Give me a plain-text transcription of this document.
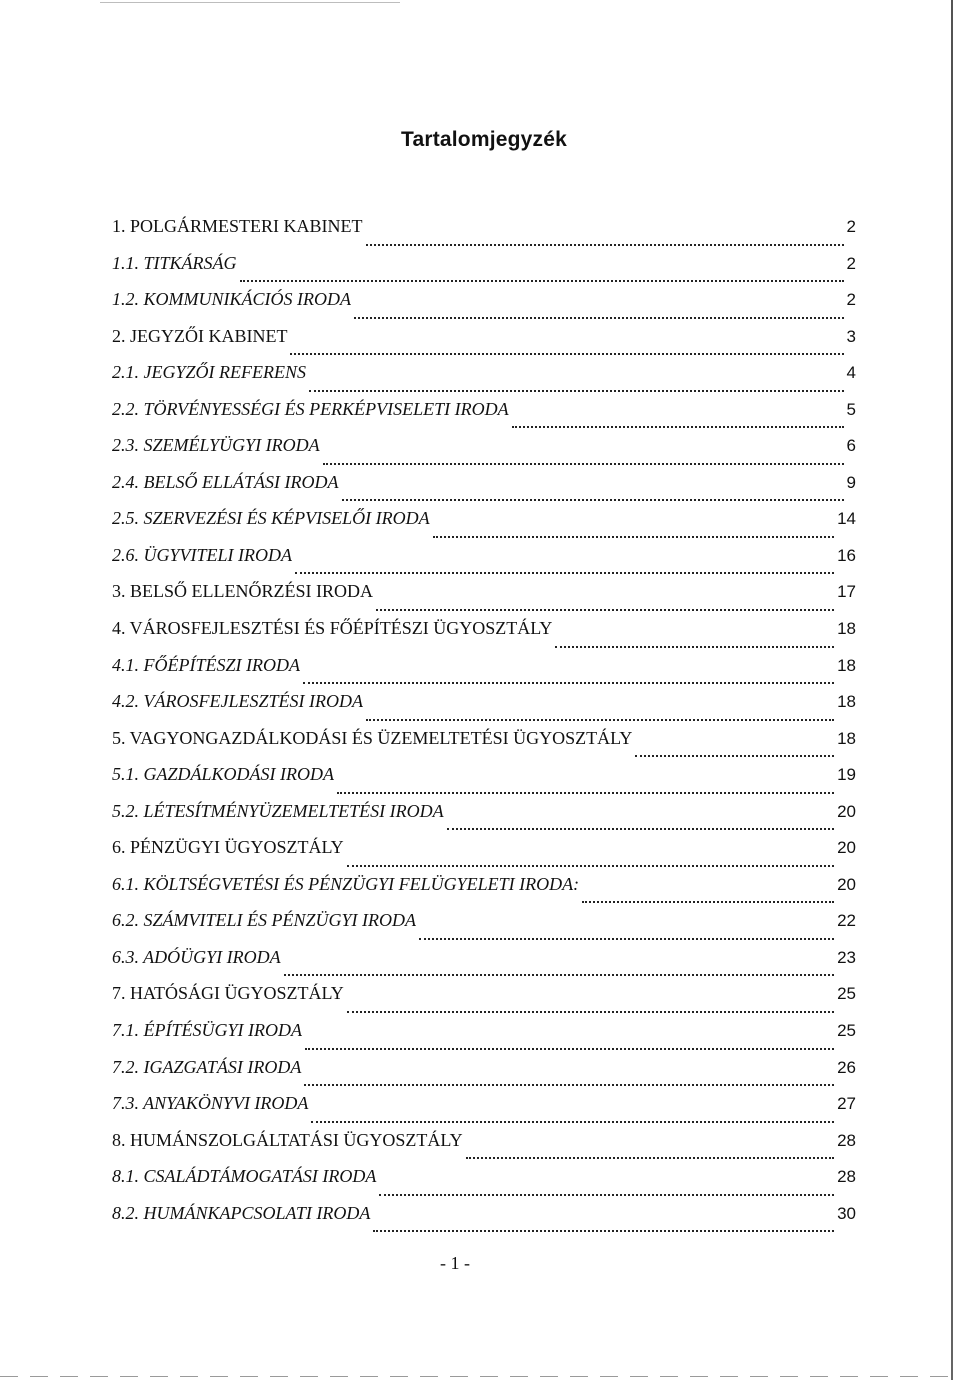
Tartalomjegyzék
1. POLGÁRMESTERI KABINET	2
1.1. TITKÁRSÁG	2
1.2. KOMMUNIKÁCIÓS IRODA	2
2. JEGYZŐI KABINET	3
2.1. JEGYZŐI REFERENS	4
2.2. TÖRVÉNYESSÉGI ÉS PERKÉPVISELETI IRODA	5
2.3. SZEMÉLYÜGYI IRODA	6
2.4. BELSŐ ELLÁTÁSI IRODA	9
2.5. SZERVEZÉSI ÉS KÉPVISELŐI IRODA	14
2.6. ÜGYVITELI IRODA	16
3. BELSŐ ELLENŐRZÉSI IRODA	17
4. VÁROSFEJLESZTÉSI ÉS FŐÉPÍTÉSZI ÜGYOSZTÁLY	18
4.1. FŐÉPÍTÉSZI IRODA	18
4.2. VÁROSFEJLESZTÉSI IRODA	18
5. VAGYONGAZDÁLKODÁSI ÉS ÜZEMELTETÉSI ÜGYOSZTÁLY	18
5.1. GAZDÁLKODÁSI IRODA	19
5.2. LÉTESÍTMÉNYÜZEMELTETÉSI IRODA	20
6. PÉNZÜGYI ÜGYOSZTÁLY	20
6.1. KÖLTSÉGVETÉSI ÉS PÉNZÜGYI FELÜGYELETI IRODA:	20
6.2. SZÁMVITELI ÉS PÉNZÜGYI IRODA	22
6.3. ADÓÜGYI IRODA	23
7. HATÓSÁGI ÜGYOSZTÁLY	25
7.1. ÉPÍTÉSÜGYI IRODA	25
7.2. IGAZGATÁSI IRODA	26
7.3. ANYAKÖNYVI IRODA	27
8. HUMÁNSZOLGÁLTATÁSI ÜGYOSZTÁLY	28
8.1. CSALÁDTÁMOGATÁSI IRODA	28
8.2. HUMÁNKAPCSOLATI IRODA	30
- 1 -
